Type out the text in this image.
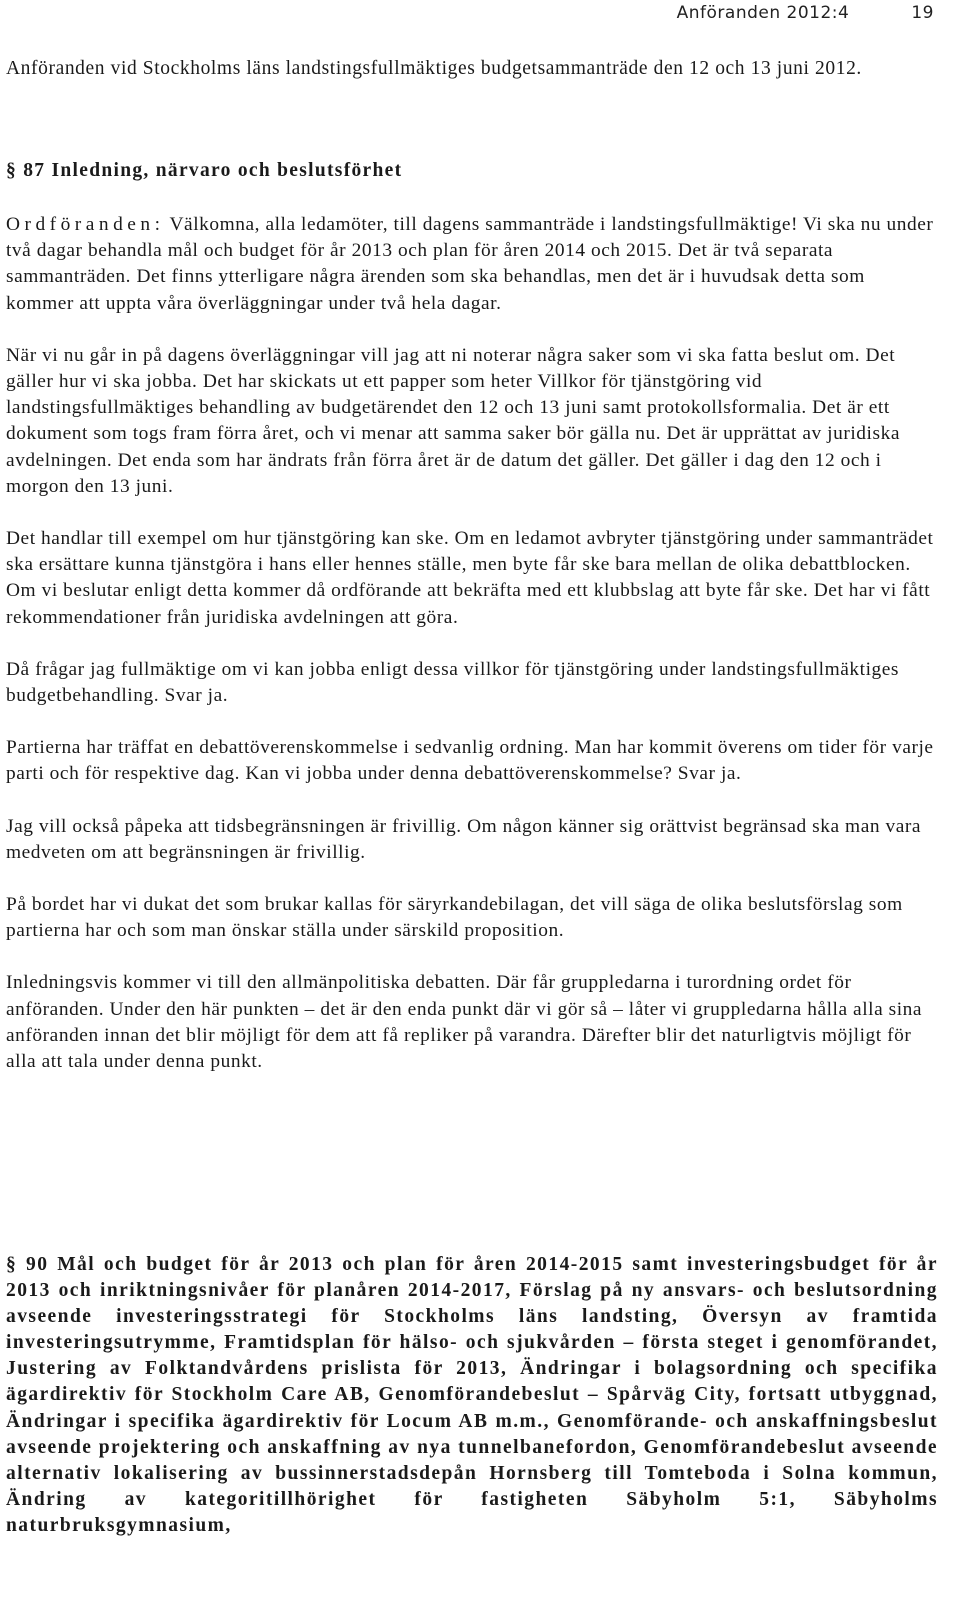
Anföranden 2012:4	19
Anföranden vid Stockholms läns landstingsfullmäktiges budgetsammanträde den 12 och 13 juni 2012.
§ 87 Inledning, närvaro och beslutsförhet

Ordföranden: Välkomna, alla ledamöter, till dagens sammanträde i landstingsfullmäktige! Vi ska nu under två dagar behandla mål och budget för år 2013 och plan för åren 2014 och 2015. Det är två separata sammanträden. Det finns ytterligare några ärenden som ska behandlas, men det är i huvudsak detta som kommer att uppta våra överläggningar under två hela dagar.

När vi nu går in på dagens överläggningar vill jag att ni noterar några saker som vi ska fatta beslut om. Det gäller hur vi ska jobba. Det har skickats ut ett papper som heter Villkor för tjänstgöring vid landstingsfullmäktiges behandling av budgetärendet den 12 och 13 juni samt protokollsformalia. Det är ett dokument som togs fram förra året, och vi menar att samma saker bör gälla nu. Det är upprättat av juridiska avdelningen. Det enda som har ändrats från förra året är de datum det gäller. Det gäller i dag den 12 och i morgon den 13 juni.

Det handlar till exempel om hur tjänstgöring kan ske. Om en ledamot avbryter tjänstgöring under sammanträdet ska ersättare kunna tjänstgöra i hans eller hennes ställe, men byte får ske bara mellan de olika debattblocken. Om vi beslutar enligt detta kommer då ordförande att bekräfta med ett klubbslag att byte får ske. Det har vi fått rekommendationer från juridiska avdelningen att göra.

Då frågar jag fullmäktige om vi kan jobba enligt dessa villkor för tjänstgöring under landstingsfullmäktiges budgetbehandling. Svar ja.

Partierna har träffat en debattöverenskommelse i sedvanlig ordning. Man har kommit överens om tider för varje parti och för respektive dag. Kan vi jobba under denna debattöverenskommelse? Svar ja.

Jag vill också påpeka att tidsbegränsningen är frivillig. Om någon känner sig orättvist begränsad ska man vara medveten om att begränsningen är frivillig.

På bordet har vi dukat det som brukar kallas för säryrkandebilagan, det vill säga de olika beslutsförslag som partierna har och som man önskar ställa under särskild proposition.

Inledningsvis kommer vi till den allmänpolitiska debatten. Där får gruppledarna i turordning ordet för anföranden. Under den här punkten – det är den enda punkt där vi gör så – låter vi gruppledarna hålla alla sina anföranden innan det blir möjligt för dem att få repliker på varandra. Därefter blir det naturligtvis möjligt för alla att tala under denna punkt.

§ 90 Mål och budget för år 2013 och plan för åren 2014-2015 samt investeringsbudget för år 2013 och inriktningsnivåer för planåren 2014-2017, Förslag på ny ansvars- och beslutsordning avseende investeringsstrategi för Stockholms läns landsting, Översyn av framtida investeringsutrymme, Framtidsplan för hälso- och sjukvården – första steget i genomförandet, Justering av Folktandvårdens prislista för 2013, Ändringar i bolagsordning och specifika ägardirektiv för Stockholm Care AB, Genomförandebeslut – Spårväg City, fortsatt utbyggnad, Ändringar i specifika ägardirektiv för Locum AB m.m., Genomförande- och anskaffningsbeslut avseende projektering och anskaffning av nya tunnelbanefordon, Genomförandebeslut avseende alternativ lokalisering av bussinnerstadsdepån Hornsberg till Tomteboda i Solna kommun, Ändring av kategoritillhörighet för fastigheten Säbyholm 5:1, Säbyholms naturbruksgymnasium,
